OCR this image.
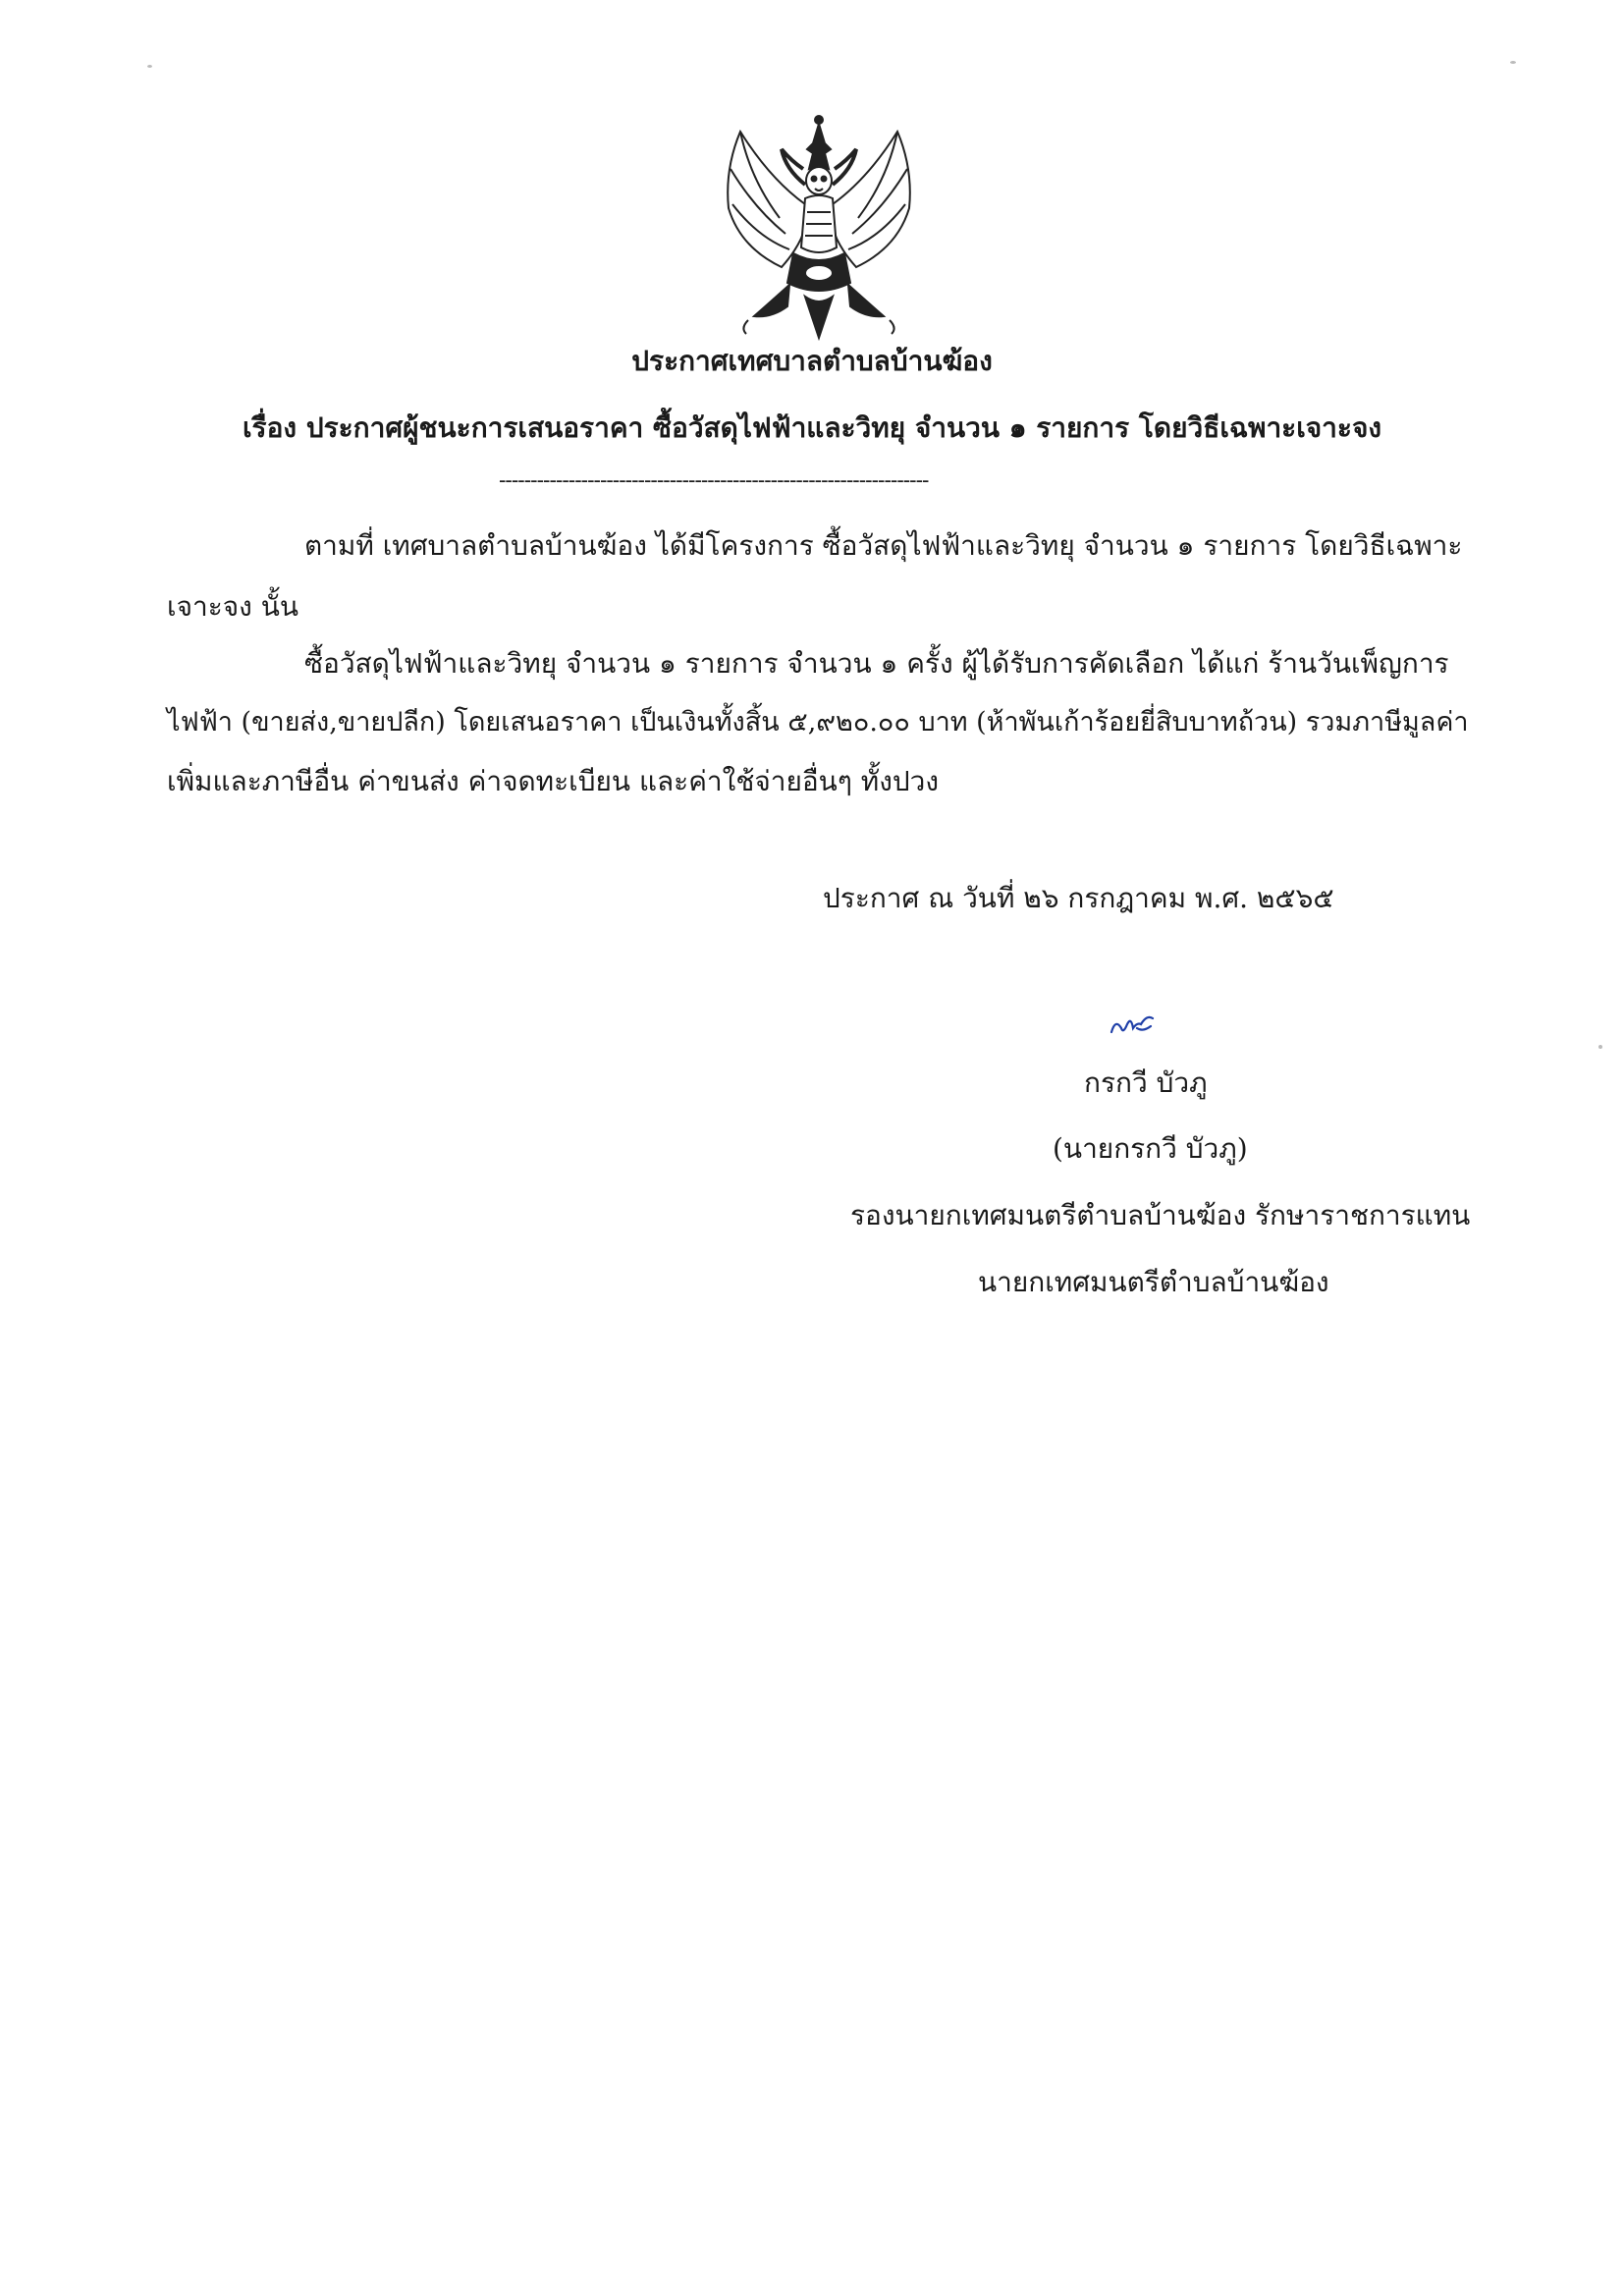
ประกาศเทศบาลตำบลบ้านฆ้อง
เรื่อง ประกาศผู้ชนะการเสนอราคา ซื้อวัสดุไฟฟ้าและวิทยุ จำนวน ๑ รายการ โดยวิธีเฉพาะเจาะจง
--------------------------------------------------------------------
ตามที่ เทศบาลตำบลบ้านฆ้อง ได้มีโครงการ ซื้อวัสดุไฟฟ้าและวิทยุ จำนวน ๑ รายการ โดยวิธีเฉพาะ
เจาะจง นั้น
ซื้อวัสดุไฟฟ้าและวิทยุ จำนวน ๑ รายการ จำนวน ๑ ครั้ง ผู้ได้รับการคัดเลือก ได้แก่ ร้านวันเพ็ญการ
ไฟฟ้า (ขายส่ง,ขายปลีก) โดยเสนอราคา เป็นเงินทั้งสิ้น ๕,๙๒๐.๐๐ บาท (ห้าพันเก้าร้อยยี่สิบบาทถ้วน) รวมภาษีมูลค่า
เพิ่มและภาษีอื่น ค่าขนส่ง ค่าจดทะเบียน และค่าใช้จ่ายอื่นๆ ทั้งปวง
ประกาศ ณ วันที่ ๒๖ กรกฎาคม พ.ศ. ๒๕๖๕
กรกวี บัวภู
(นายกรกวี บัวภู)
รองนายกเทศมนตรีตำบลบ้านฆ้อง รักษาราชการแทน
นายกเทศมนตรีตำบลบ้านฆ้อง
